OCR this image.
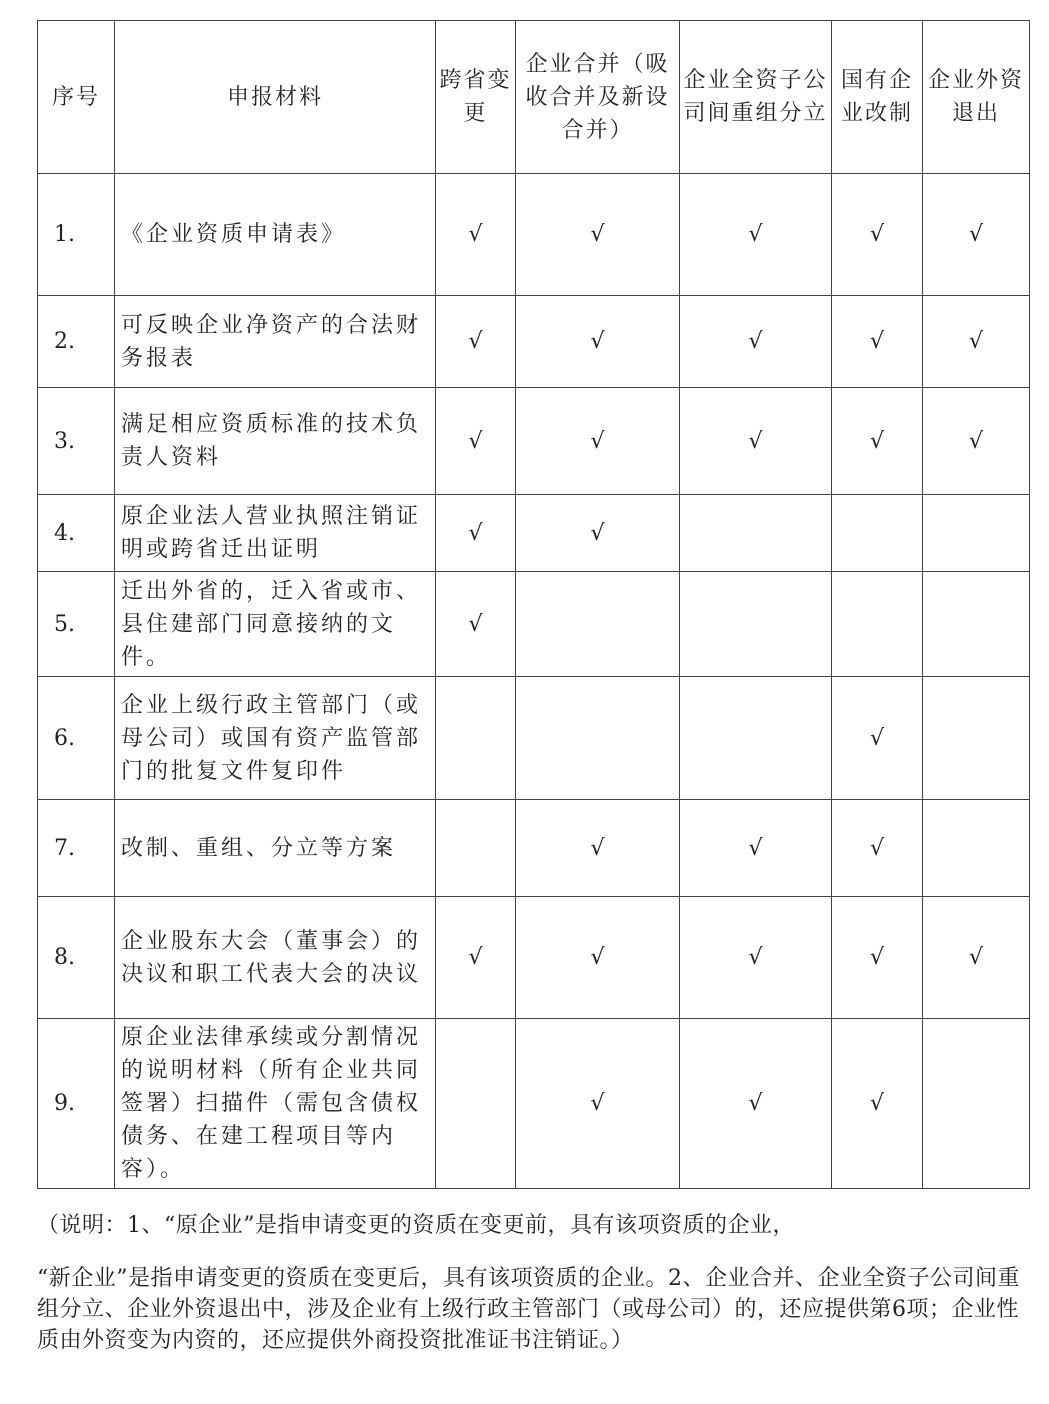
序号	申报材料	跨省变更	企业合并（吸收合并及新设合并）	企业全资子公司间重组分立	国有企业改制	企业外资退出
1.	《企业资质申请表》	√	√	√	√	√
2.	可反映企业净资产的合法财务报表	√	√	√	√	√
3.	满足相应资质标准的技术负责人资料	√	√	√	√	√
4.	原企业法人营业执照注销证明或跨省迁出证明	√	√			
5.	迁出外省的，迁入省或市、县住建部门同意接纳的文件。	√				
6.	企业上级行政主管部门（或母公司）或国有资产监管部门的批复文件复印件				√	
7.	改制、重组、分立等方案		√	√	√	
8.	企业股东大会（董事会）的决议和职工代表大会的决议	√	√	√	√	√
9.	原企业法律承续或分割情况的说明材料（所有企业共同签署）扫描件（需包含债权债务、在建工程项目等内容）。		√	√	√	

（说明：1、“原企业”是指申请变更的资质在变更前，具有该项资质的企业，

“新企业”是指申请变更的资质在变更后，具有该项资质的企业。2、企业合并、企业全资子公司间重组分立、企业外资退出中，涉及企业有上级行政主管部门（或母公司）的，还应提供第6项；企业性质由外资变为内资的，还应提供外商投资批准证书注销证。）
